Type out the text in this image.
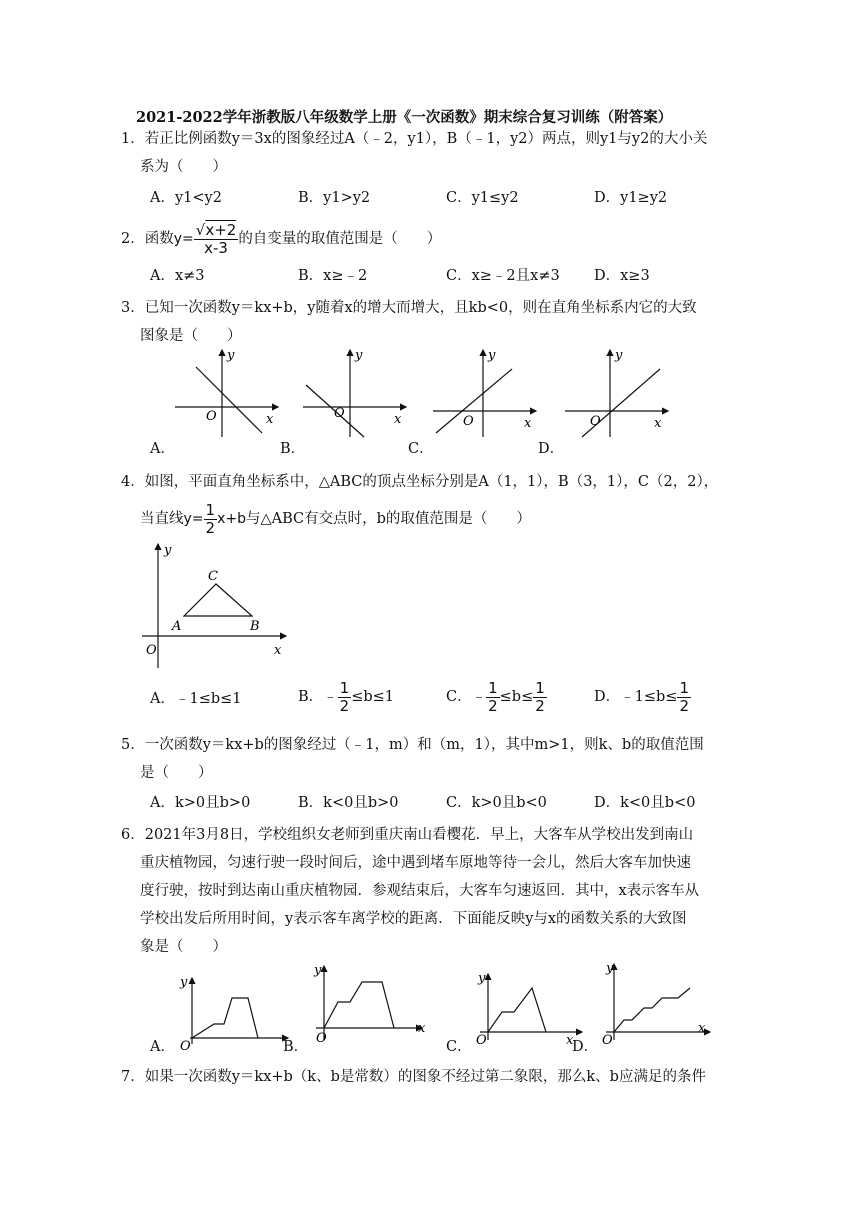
2021-2022学年浙教版八年级数学上册《一次函数》期末综合复习训练（附答案）
1．若正比例函数y＝3x的图象经过A（﹣2，y1），B（﹣1，y2）两点，则y1与y2的大小关
系为（　　）
A．y1<y2	B．y1>y2	C．y1≤y2	D．y1≥y2
2．函数$y= \frac{√x+2}{x-3}$ 的自变量的取值范围是（　　）
A．x≠3	B．x≥﹣2	C．x≥﹣2且x≠3 D．x≥3
3．已知一次函数y＝kx+b，y随着x的增大而增大，且kb<0，则在直角坐标系内它的大致
图象是（　　）
y
x
O
y
x
O
y
x
O
y
x
O
A．	B．	C．	D．
4．如图，平面直角坐标系中，△ABC的顶点坐标分别是A（1，1），B（3，1），C（2，2），
当直线$y= \frac{1}{2} x+b$与△ABC有交点时，b的取值范围是（　　）
y
x
O
A	B
C
A．﹣1≤b≤1	B．﹣ $\frac{1}{2} \le b\le 1$	C．﹣ $\frac{1}{2} \le b\le \frac{1}{2}$	D．﹣1≤b≤ $\frac{1}{2}$
5．一次函数y＝kx+b的图象经过（﹣1，m）和（m，1），其中m>1，则k、b的取值范围
是（　　）
A．k>0且b>0	B．k<0且b>0	C．k>0且b<0	D．k<0且b<0
6．2021年3月8日，学校组织女老师到重庆南山看樱花．早上，大客车从学校出发到南山
重庆植物园，匀速行驶一段时间后，途中遇到堵车原地等待一会儿，然后大客车加快速
度行驶，按时到达南山重庆植物园．参观结束后，大客车匀速返回．其中，x表示客车从
学校出发后所用时间，y表示客车离学校的距离．下面能反映y与x的函数关系的大致图
象是（　　）
y
O
y
x
O
y
x
O
y
x
O
A．	B．	C．	D．
7．如果一次函数y＝kx+b（k、b是常数）的图象不经过第二象限，那么k、b应满足的条件
